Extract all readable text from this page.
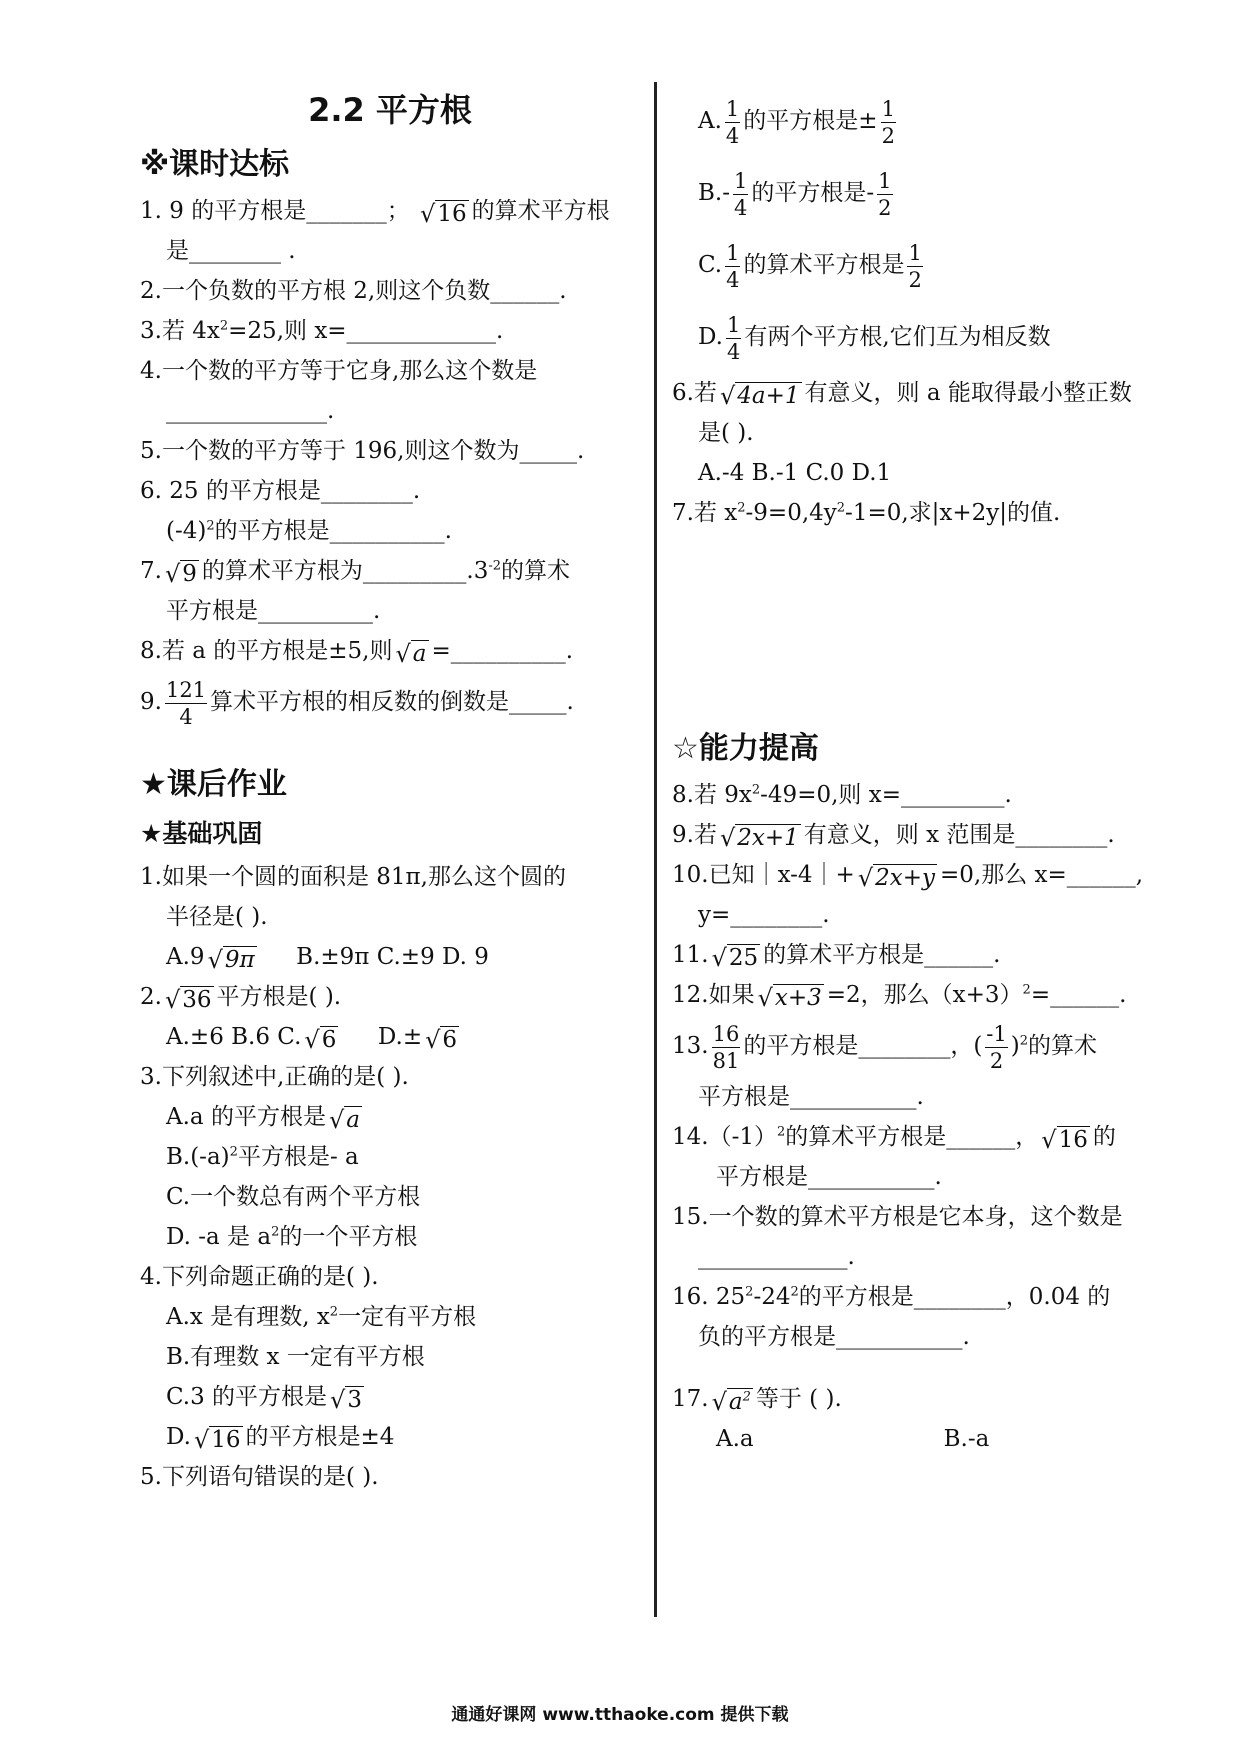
2.2 平方根
※课时达标
1. 9 的平方根是_______； √ 16 的算术平方根
是________ .
2.一个负数的平方根 2,则这个负数______.
3.若 $4x^2=25$,则 x=_____________.
4.一个数的平方等于它身,那么这个数是
______________.
5.一个数的平方等于 196,则这个数为_____.
6. 25 的平方根是________.
$(-4)^2$的平方根是__________.
7. √ 9 的算术平方根为$\_\_\_\_\_\_\_\_\_.3^{-2}$的算术
平方根是__________.
8.若 a 的平方根是±5,则 √ a =__________.
9. $\frac{121}{4}$ 算术平方根的相反数的倒数是_____.
★课后作业
★基础巩固
1.如果一个圆的面积是 81π,那么这个圆的
半径是( ).
A.9 √ 9π B.±9π C.±9 D. 9
2. √ 36 平方根是( ).
A.±6 B.6 C. √ 6 D.± √ 6
3.下列叙述中,正确的是( ).
A.a 的平方根是 √ a
$B.(-a)^2$平方根是- a
C.一个数总有两个平方根
D. -a 是 $a^2$的一个平方根
4.下列命题正确的是( ).
A.x 是有理数, $x^2$一定有平方根
B.有理数 x 一定有平方根
C.3 的平方根是 √ 3
D. √ 16 的平方根是±4
5.下列语句错误的是( ).
A. $\frac{1}{4}$ 的平方根是± $\frac{1}{2}$
$B.- \frac{1}{4}$ 的平方根是- $\frac{1}{2}$
C. $\frac{1}{4}$ 的算术平方根是 $\frac{1}{2}$
D. $\frac{1}{4}$ 有两个平方根,它们互为相反数
6.若 √ 4a+1 有意义，则 a 能取得最小整正数
是( ).
A.-4 B.-1 C.0 D.1
7.若 $x^2-9=0,4y^2-1=0$,求|x+2y|的值.
☆能力提高
8.若 $9x^2-49=0$,则 x=_________.
9.若 √ 2x+1 有意义，则 x 范围是________.
10.已知｜x-4｜+ √ 2x+y =0,那么 x=______,
y=________.
11. √ 25 的算术平方根是______.
12.如果 √ x+3 =2，那么$(x+3)^2=\_\_\_\_\_\_$.
13. $\frac{16}{81}$ 的平方根是________，( $\frac{-1}{2} )^2$的算术
平方根是___________.
$14.(-1)^2$的算术平方根是______， √ 16 的
平方根是___________.
15.一个数的算术平方根是它本身，这个数是
_____________.
16. $25^2-24^2$的平方根是________，0.04 的
负的平方根是___________.
17. √ $a^2$ 等于 ( ).
A.a	B.-a
通通好课网 www.tthaoke.com 提供下载
